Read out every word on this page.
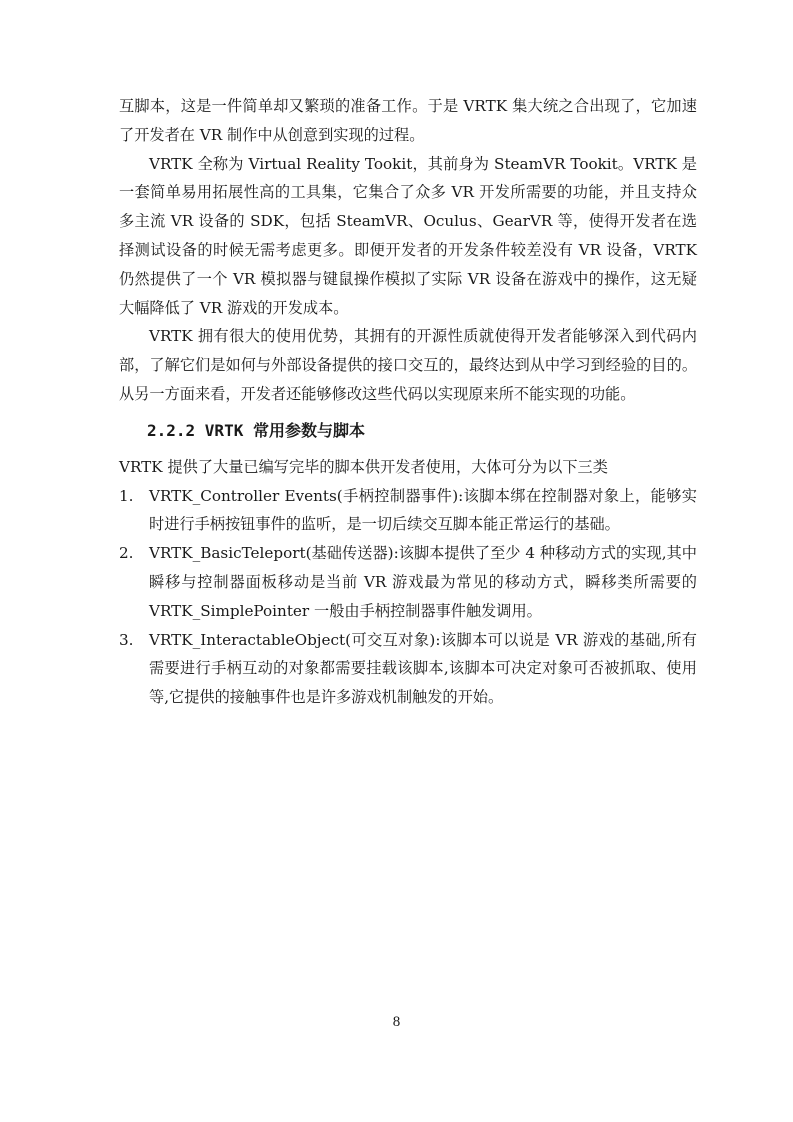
互脚本，这是一件简单却又繁琐的准备工作。于是 VRTK 集大统之合出现了，它加速了开发者在 VR 制作中从创意到实现的过程。

VRTK 全称为 Virtual Reality Tookit，其前身为 SteamVR Tookit。VRTK 是一套简单易用拓展性高的工具集，它集合了众多 VR 开发所需要的功能，并且支持众多主流 VR 设备的 SDK，包括 SteamVR、Oculus、GearVR 等，使得开发者在选择测试设备的时候无需考虑更多。即便开发者的开发条件较差没有 VR 设备，VRTK 仍然提供了一个 VR 模拟器与键鼠操作模拟了实际 VR 设备在游戏中的操作，这无疑大幅降低了 VR 游戏的开发成本。

VRTK 拥有很大的使用优势，其拥有的开源性质就使得开发者能够深入到代码内部，了解它们是如何与外部设备提供的接口交互的，最终达到从中学习到经验的目的。从另一方面来看，开发者还能够修改这些代码以实现原来所不能实现的功能。

2.2.2 VRTK 常用参数与脚本

VRTK 提供了大量已编写完毕的脚本供开发者使用，大体可分为以下三类

1. VRTK_Controller Events(手柄控制器事件):该脚本绑在控制器对象上，能够实时进行手柄按钮事件的监听，是一切后续交互脚本能正常运行的基础。
2. VRTK_BasicTeleport(基础传送器):该脚本提供了至少 4 种移动方式的实现,其中瞬移与控制器面板移动是当前 VR 游戏最为常见的移动方式，瞬移类所需要的VRTK_SimplePointer 一般由手柄控制器事件触发调用。
3. VRTK_InteractableObject(可交互对象):该脚本可以说是 VR 游戏的基础,所有需要进行手柄互动的对象都需要挂载该脚本,该脚本可决定对象可否被抓取、使用等,它提供的接触事件也是许多游戏机制触发的开始。
8
